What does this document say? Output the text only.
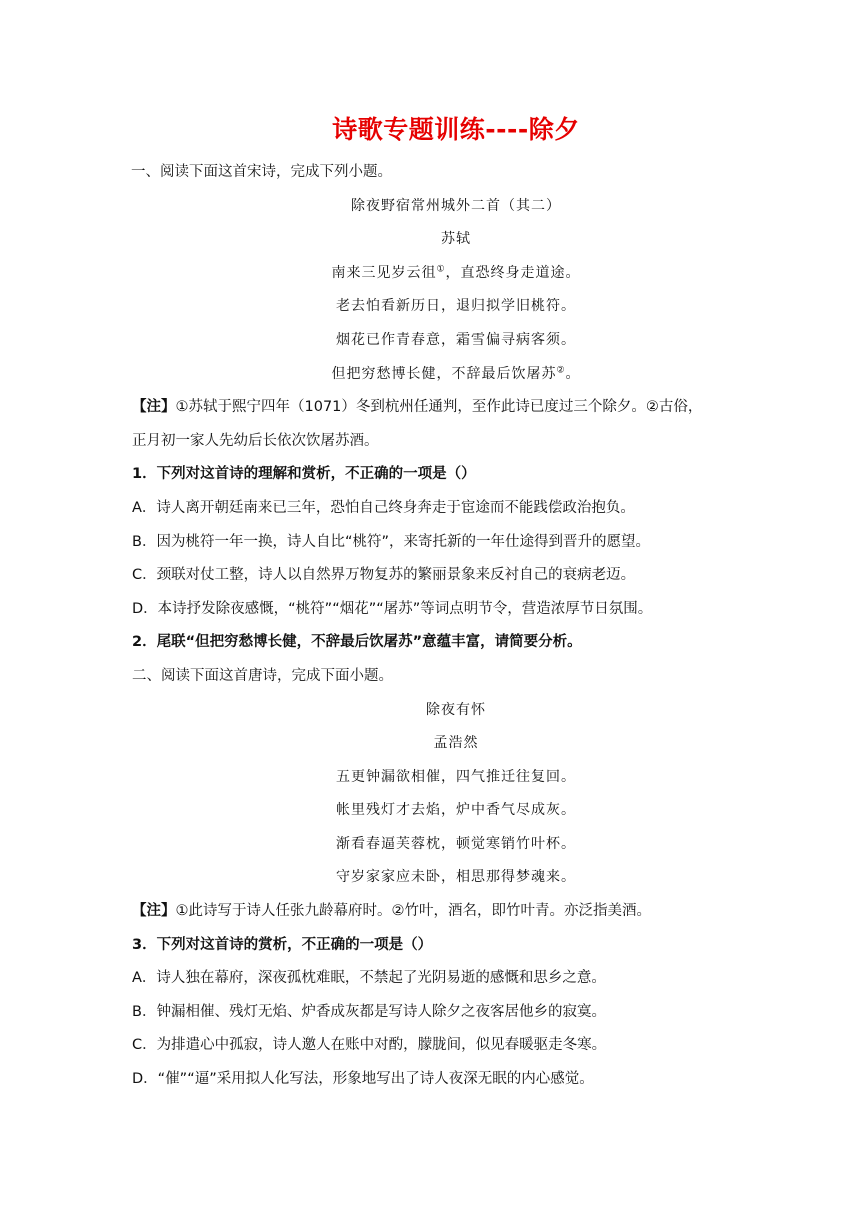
诗歌专题训练----除夕
一、阅读下面这首宋诗，完成下列小题。
除夜野宿常州城外二首（其二）
苏轼
南来三见岁云徂①，直恐终身走道途。
老去怕看新历日，退归拟学旧桃符。
烟花已作青春意，霜雪偏寻病客须。
但把穷愁博长健，不辞最后饮屠苏②。
【注】①苏轼于熙宁四年（1071）冬到杭州任通判，至作此诗已度过三个除夕。②古俗，
正月初一家人先幼后长依次饮屠苏酒。
1．下列对这首诗的理解和赏析，不正确的一项是（）
A．诗人离开朝廷南来已三年，恐怕自己终身奔走于宦途而不能践偿政治抱负。
B．因为桃符一年一换，诗人自比“桃符”，来寄托新的一年仕途得到晋升的愿望。
C．颈联对仗工整，诗人以自然界万物复苏的繁丽景象来反衬自己的衰病老迈。
D．本诗抒发除夜感慨，“桃符”“烟花”“屠苏”等词点明节令，营造浓厚节日氛围。
2．尾联“但把穷愁博长健，不辞最后饮屠苏”意蕴丰富，请简要分析。
二、阅读下面这首唐诗，完成下面小题。
除夜有怀
孟浩然
五更钟漏欲相催，四气推迁往复回。
帐里残灯才去焰，炉中香气尽成灰。
渐看春逼芙蓉枕，顿觉寒销竹叶杯。
守岁家家应未卧，相思那得梦魂来。
【注】①此诗写于诗人任张九龄幕府时。②竹叶，酒名，即竹叶青。亦泛指美酒。
3．下列对这首诗的赏析，不正确的一项是（）
A．诗人独在幕府，深夜孤枕难眠，不禁起了光阴易逝的感慨和思乡之意。
B．钟漏相催、残灯无焰、炉香成灰都是写诗人除夕之夜客居他乡的寂寞。
C．为排遣心中孤寂，诗人邀人在账中对酌，朦胧间，似见春暖驱走冬寒。
D．“催”“逼”采用拟人化写法，形象地写出了诗人夜深无眠的内心感觉。
